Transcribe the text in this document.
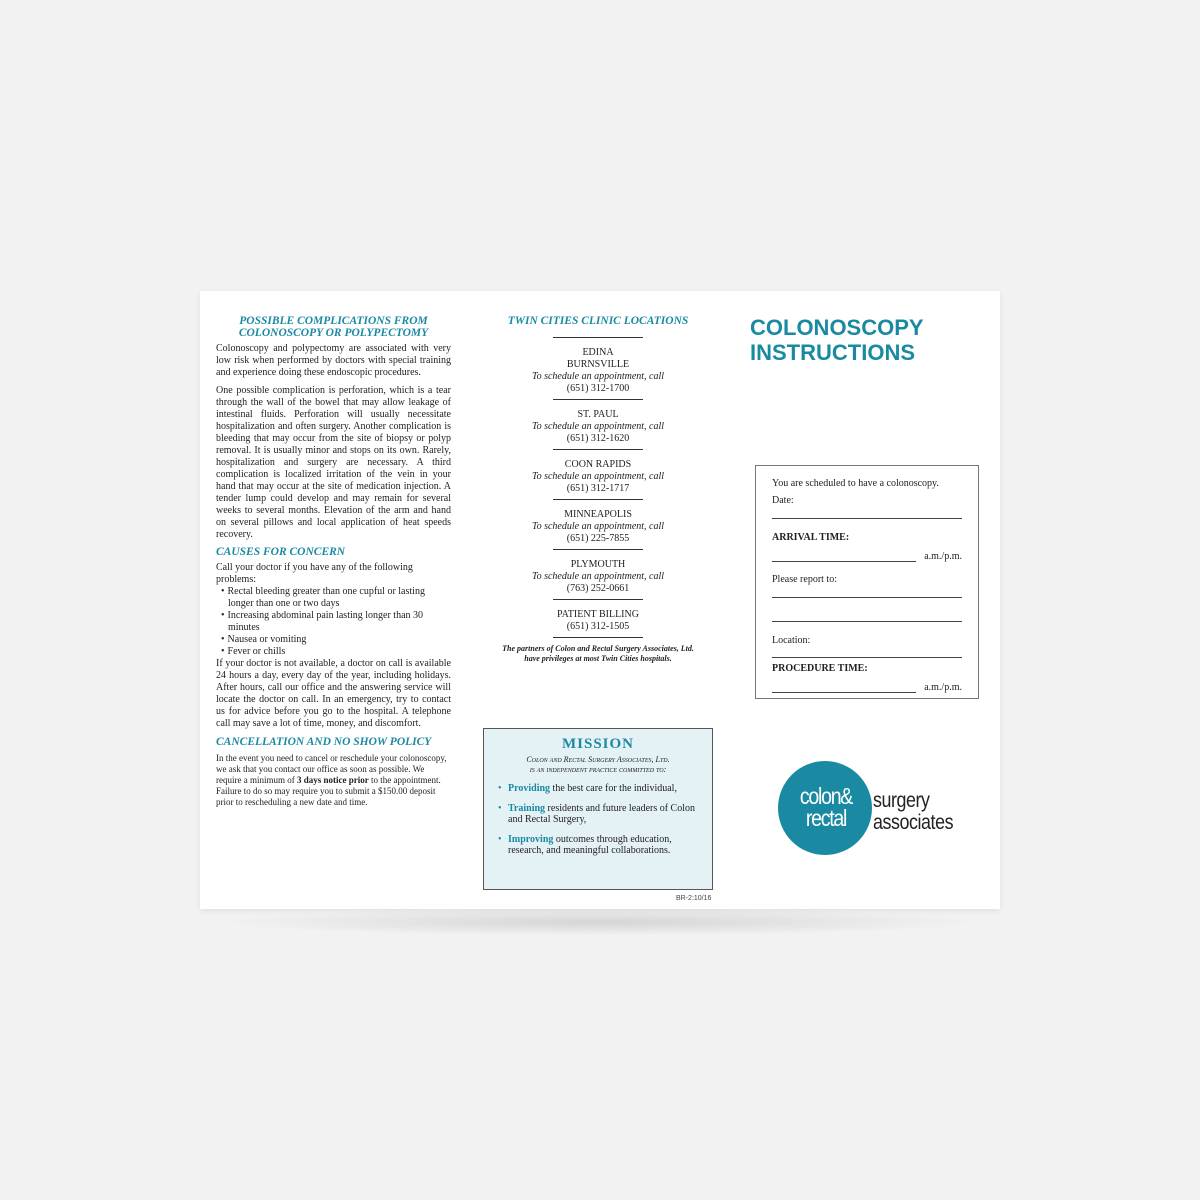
POSSIBLE COMPLICATIONS FROM
COLONOSCOPY OR POLYPECTOMY

Colonoscopy and polypectomy are associated with very low risk when performed by doctors with special training and experience doing these endoscopic procedures.

One possible complication is perforation, which is a tear through the wall of the bowel that may allow leakage of intestinal fluids. Perforation will usually necessitate hospitalization and often surgery. Another complication is bleeding that may occur from the site of biopsy or polyp removal. It is usually minor and stops on its own. Rarely, hospitalization and surgery are necessary. A third complication is localized irritation of the vein in your hand that may occur at the site of medication injection. A tender lump could develop and may remain for several weeks to several months. Elevation of the arm and hand on several pillows and local application of heat speeds recovery.

CAUSES FOR CONCERN

Call your doctor if you have any of the following problems:
• Rectal bleeding greater than one cupful or lasting longer than one or two days
• Increasing abdominal pain lasting longer than 30 minutes
• Nausea or vomiting
• Fever or chills

If your doctor is not available, a doctor on call is available 24 hours a day, every day of the year, including holidays. After hours, call our office and the answering service will locate the doctor on call. In an emergency, try to contact us for advice before you go to the hospital. A telephone call may save a lot of time, money, and discomfort.

CANCELLATION AND NO SHOW POLICY

In the event you need to cancel or reschedule your colonoscopy, we ask that you contact our office as soon as possible. We require a minimum of 3 days notice prior to the appointment. Failure to do so may require you to submit a $150.00 deposit prior to rescheduling a new date and time.

TWIN CITIES CLINIC LOCATIONS

EDINA
BURNSVILLE
To schedule an appointment, call
(651) 312-1700
ST. PAUL
To schedule an appointment, call
(651) 312-1620
COON RAPIDS
To schedule an appointment, call
(651) 312-1717
MINNEAPOLIS
To schedule an appointment, call
(651) 225-7855
PLYMOUTH
To schedule an appointment, call
(763) 252-0661
PATIENT BILLING
(651) 312-1505
The partners of Colon and Rectal Surgery Associates, Ltd.
have privileges at most Twin Cities hospitals.
MISSION
Colon and Rectal Surgery Associates, Ltd.
is an independent practice committed to:
• Providing the best care for the individual,
• Training residents and future leaders of Colon and Rectal Surgery,
• Improving outcomes through education, research, and meaningful collaborations.
BR-2:10/16
COLONOSCOPY
INSTRUCTIONS
You are scheduled to have a colonoscopy.
Date:
ARRIVAL TIME:
a.m./p.m.
Please report to:
Location:
PROCEDURE TIME:
a.m./p.m.
colon&
rectal
surgery
associates
